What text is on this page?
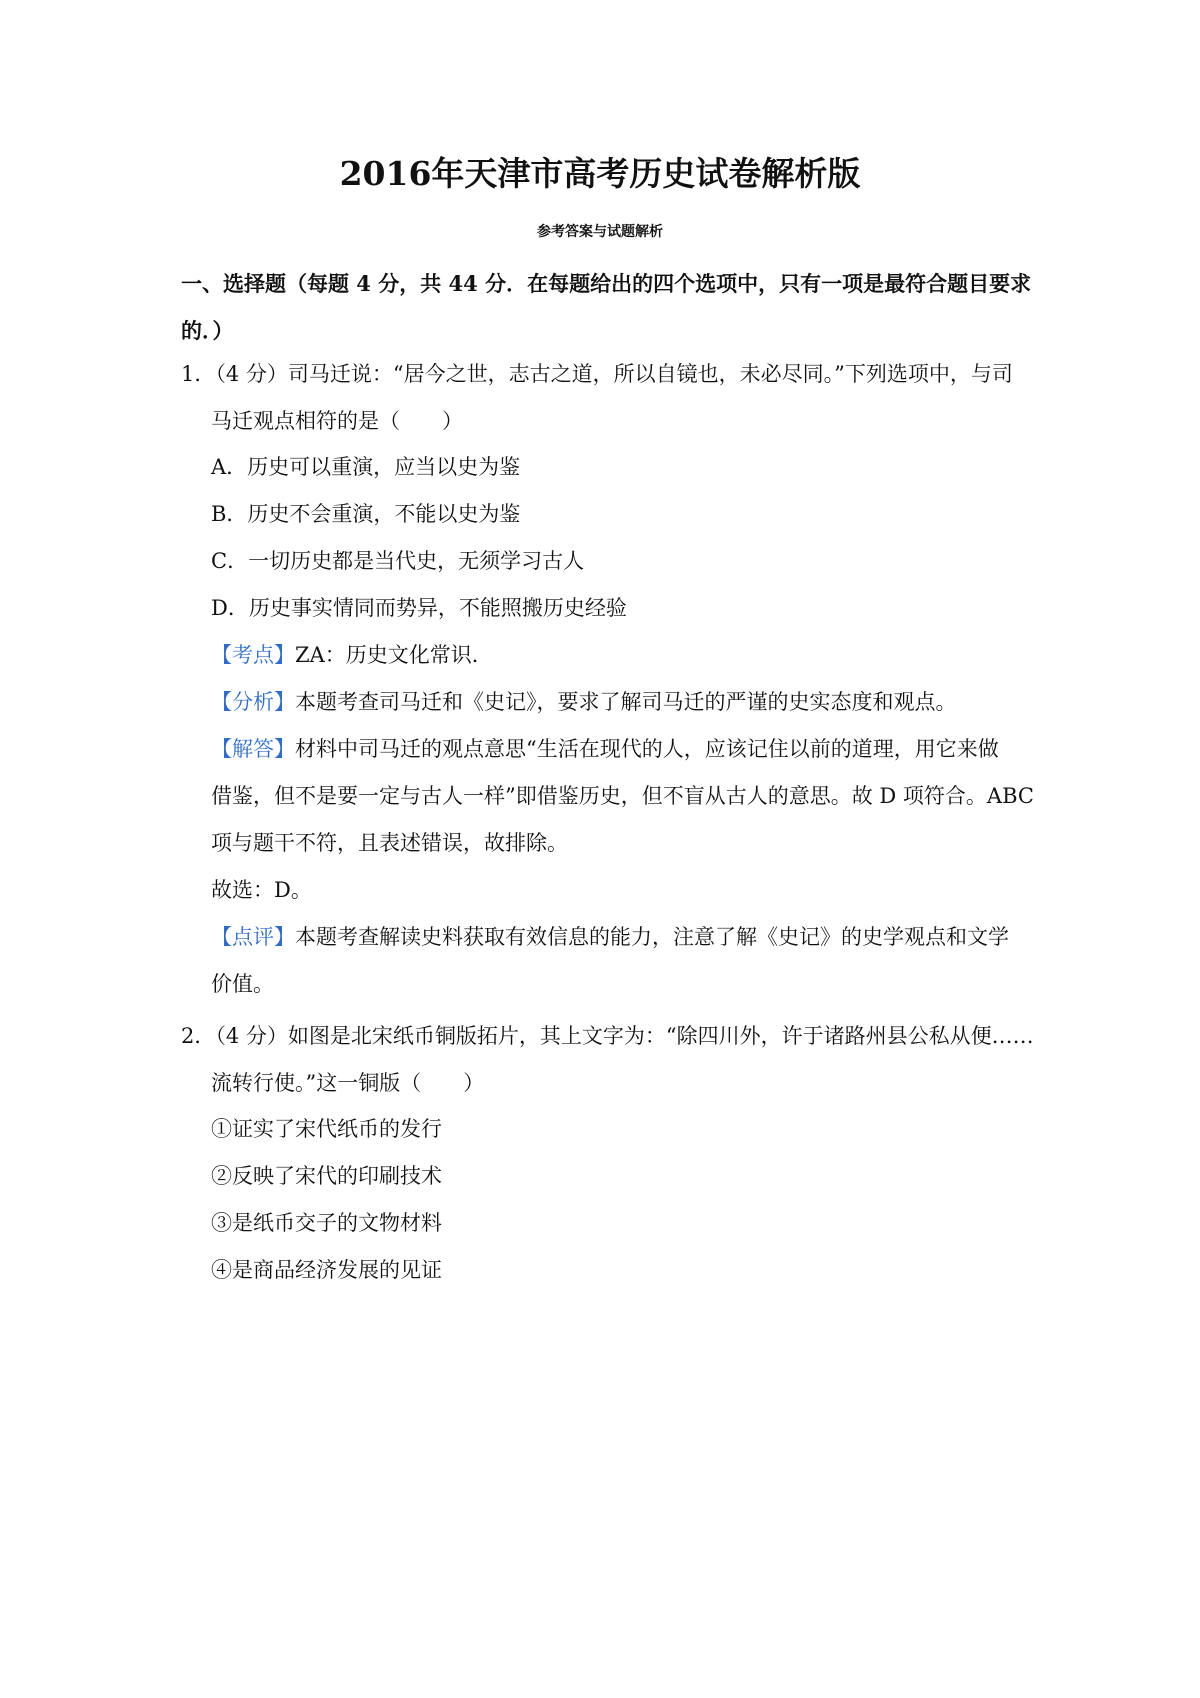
2016年天津市高考历史试卷解析版
参考答案与试题解析
一、选择题（每题 4 分，共 44 分．在每题给出的四个选项中，只有一项是最符合题目要求
的．）
1．（4 分）司马迁说：“居今之世，志古之道，所以自镜也，未必尽同。”下列选项中，与司
马迁观点相符的是（　　）
A．历史可以重演，应当以史为鉴
B．历史不会重演，不能以史为鉴
C．一切历史都是当代史，无须学习古人
D．历史事实情同而势异，不能照搬历史经验
【考点】ZA：历史文化常识．
【分析】本题考查司马迁和《史记》，要求了解司马迁的严谨的史实态度和观点。
【解答】材料中司马迁的观点意思“生活在现代的人，应该记住以前的道理，用它来做
借鉴，但不是要一定与古人一样”即借鉴历史，但不盲从古人的意思。故 D 项符合。ABC
项与题干不符，且表述错误，故排除。
故选：D。
【点评】本题考查解读史料获取有效信息的能力，注意了解《史记》的史学观点和文学
价值。
2．（4 分）如图是北宋纸币铜版拓片，其上文字为：“除四川外，许于诸路州县公私从便……
流转行使。”这一铜版（　　）
①证实了宋代纸币的发行
②反映了宋代的印刷技术
③是纸币交子的文物材料
④是商品经济发展的见证
